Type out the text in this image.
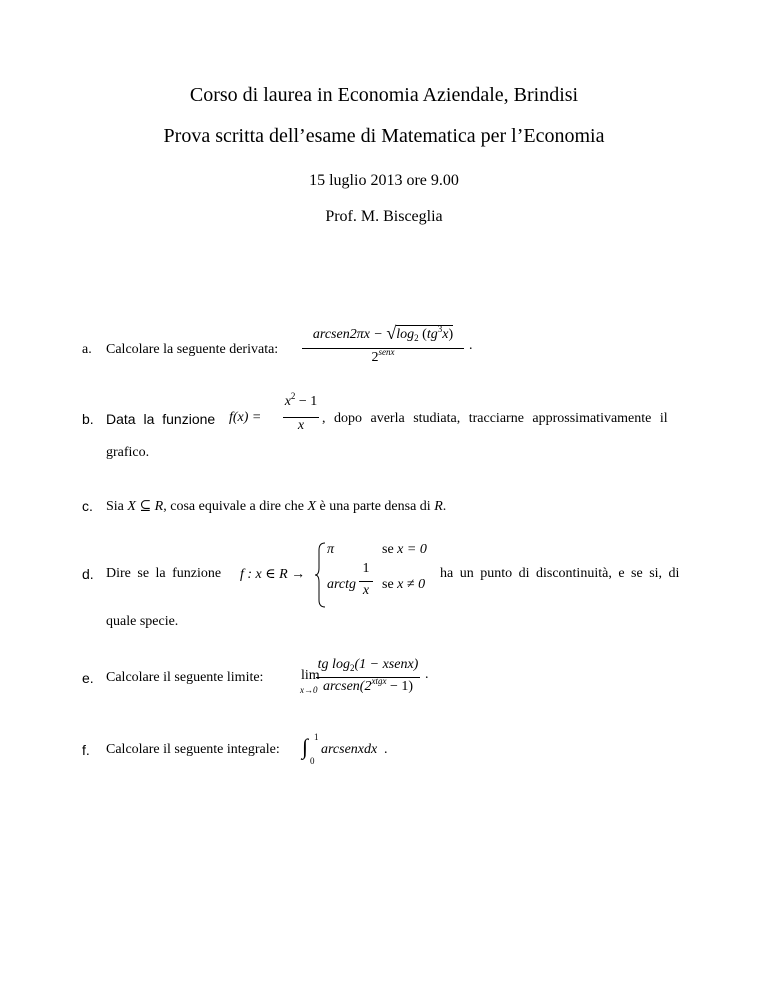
Corso di laurea in Economia Aziendale, Brindisi
Prova scritta dell’esame di Matematica per l’Economia
15 luglio 2013 ore 9.00
Prof. M. Bisceglia
a. Calcolare la seguente derivata:
arcsen2πx − $√\log_2$ $(tg^3x)$
$2^{senx}$	.
b. Data la funzione f(x) =
$x^2 - 1$
x	, dopo averla studiata, tracciarne approssimativamente il
grafico.
c. Sia X ⊆ R, cosa equivale a dire che X è una parte densa di R.
d. Dire se la funzione f : x ∈ R →
π	se x = 0
arctg
1
x se x ≠ 0
ha un punto di discontinuità, e se si, di
quale specie.
e. Calcolare il seguente limite:	lim
x→0
tg $\log_2(1$ − xsenx)
$arcsen(2^{xtgx} - 1)$
.
f. Calcolare il seguente integrale: ∫ 1
0
arcsenxdx .
